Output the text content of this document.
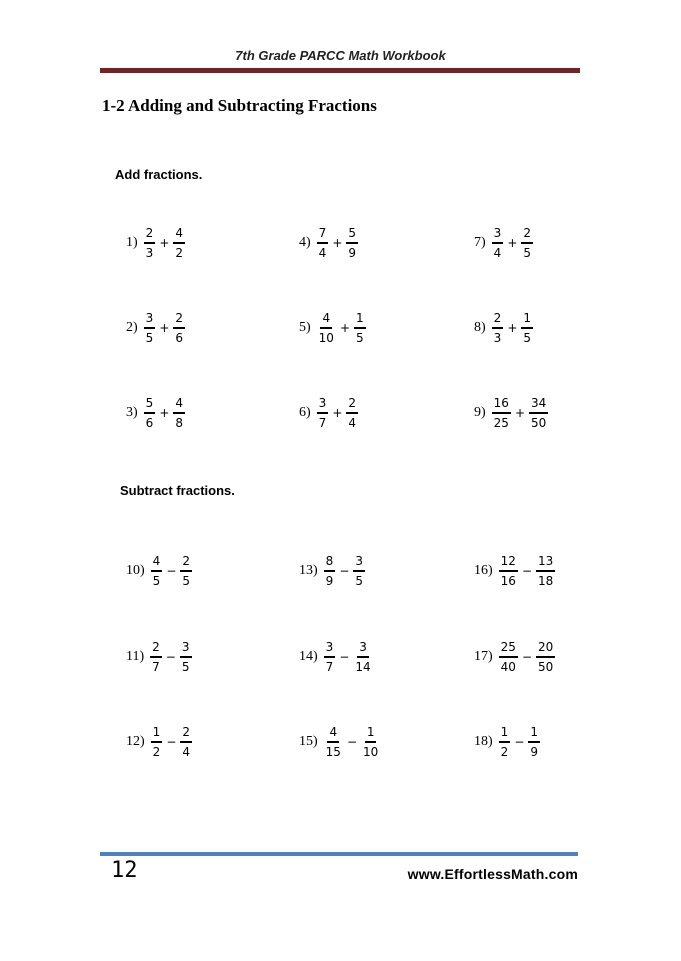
7th Grade PARCC Math Workbook
1-2 Adding and Subtracting Fractions
Add fractions.
Subtract fractions.
$1) \frac{2}{3} + \frac{4}{2}$
$2) \frac{3}{5} + \frac{2}{6}$
$3) \frac{5}{6} + \frac{4}{8}$
$4) \frac{7}{4} + \frac{5}{9}$
$5) \frac{4}{10} + \frac{1}{5}$
$6) \frac{3}{7} + \frac{2}{4}$
$7) \frac{3}{4} + \frac{2}{5}$
$8) \frac{2}{3} + \frac{1}{5}$
$9) \frac{16}{25} + \frac{34}{50}$
$10) \frac{4}{5} - \frac{2}{5}$
$11) \frac{2}{7} - \frac{3}{5}$
$12) \frac{1}{2} - \frac{2}{4}$
$13) \frac{8}{9} - \frac{3}{5}$
$14) \frac{3}{7} - \frac{3}{14}$
$15) \frac{4}{15} - \frac{1}{10}$
$16) \frac{12}{16} - \frac{13}{18}$
$17) \frac{25}{40} - \frac{20}{50}$
$18) \frac{1}{2} - \frac{1}{9}$
12	www.EffortlessMath.com
